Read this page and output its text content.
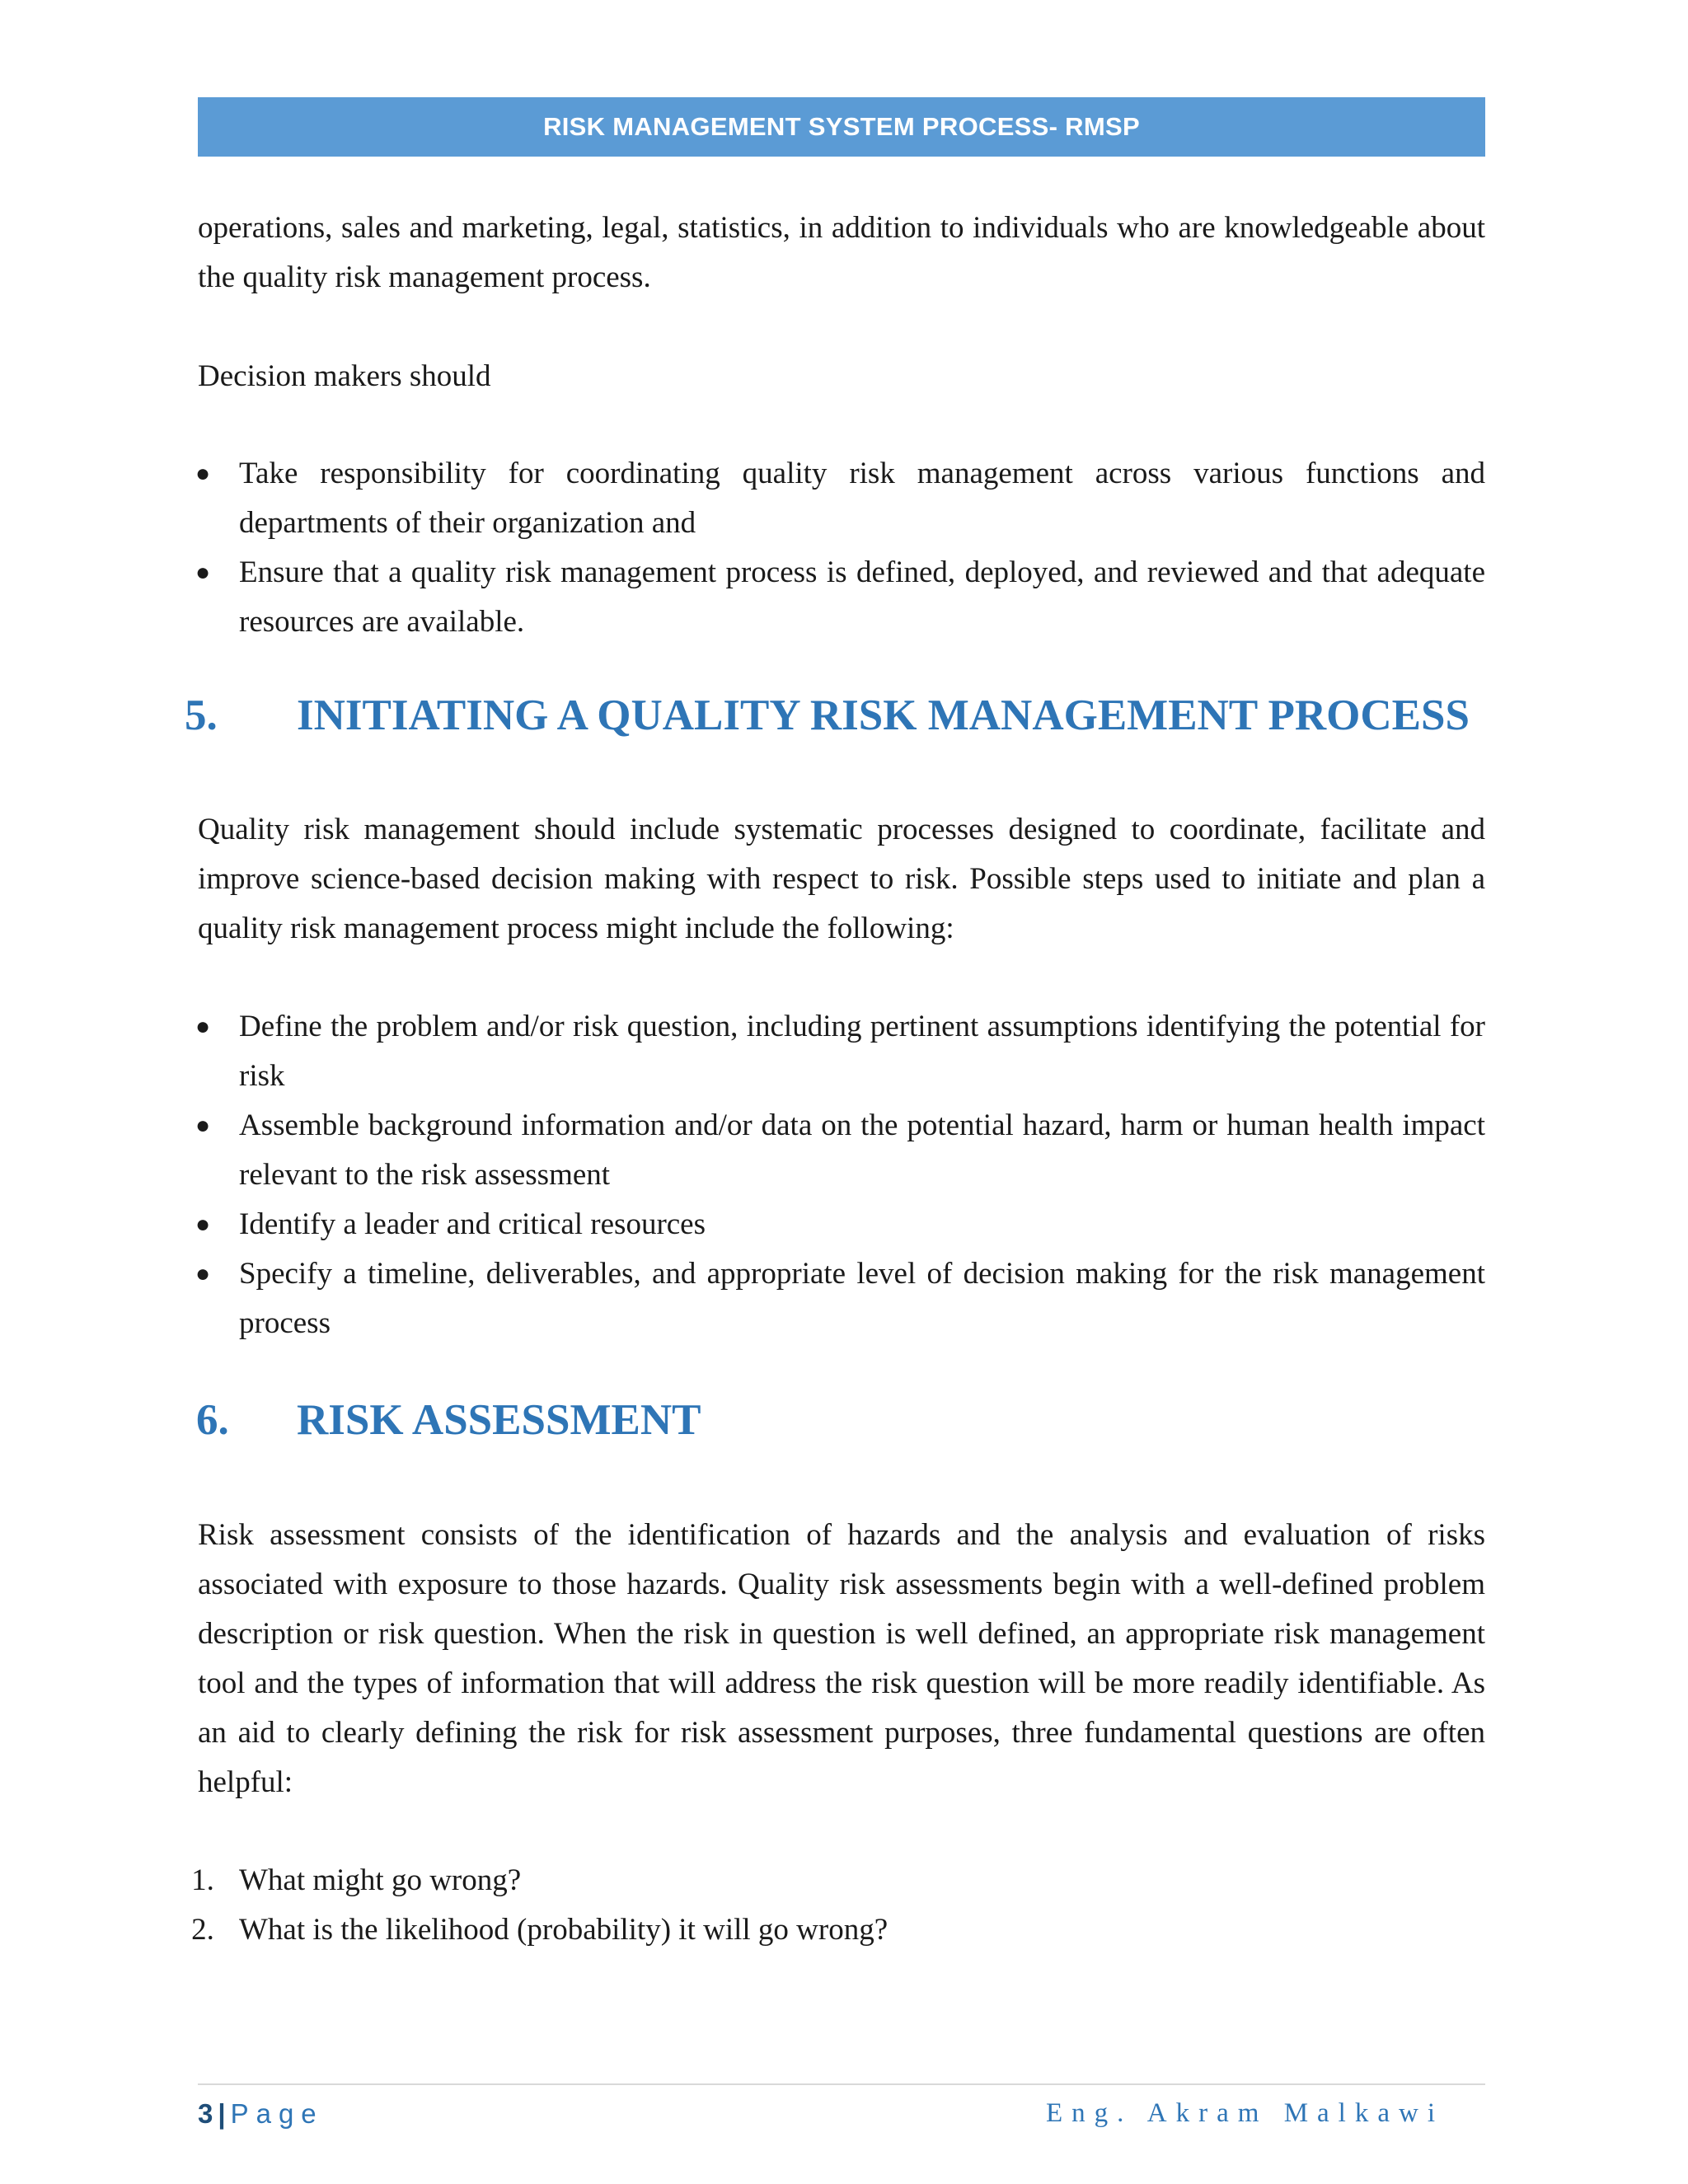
RISK MANAGEMENT SYSTEM PROCESS- RMSP

operations, sales and marketing, legal, statistics, in addition to individuals who are knowledgeable about the quality risk management process.

Decision makers should

● Take responsibility for coordinating quality risk management across various functions and departments of their organization and
● Ensure that a quality risk management process is defined, deployed, and reviewed and that adequate resources are available.
5.	INITIATING A QUALITY RISK MANAGEMENT PROCESS

Quality risk management should include systematic processes designed to coordinate, facilitate and improve science-based decision making with respect to risk. Possible steps used to initiate and plan a quality risk management process might include the following:

● Define the problem and/or risk question, including pertinent assumptions identifying the potential for risk
● Assemble background information and/or data on the potential hazard, harm or human health impact relevant to the risk assessment
● Identify a leader and critical resources
● Specify a timeline, deliverables, and appropriate level of decision making for the risk management process
6.	RISK ASSESSMENT

Risk assessment consists of the identification of hazards and the analysis and evaluation of risks associated with exposure to those hazards. Quality risk assessments begin with a well-defined problem description or risk question. When the risk in question is well defined, an appropriate risk management tool and the types of information that will address the risk question will be more readily identifiable. As an aid to clearly defining the risk for risk assessment purposes, three fundamental questions are often helpful:

1. What might go wrong?
2. What is the likelihood (probability) it will go wrong?
3 | Page	Eng. Akram Malkawi
